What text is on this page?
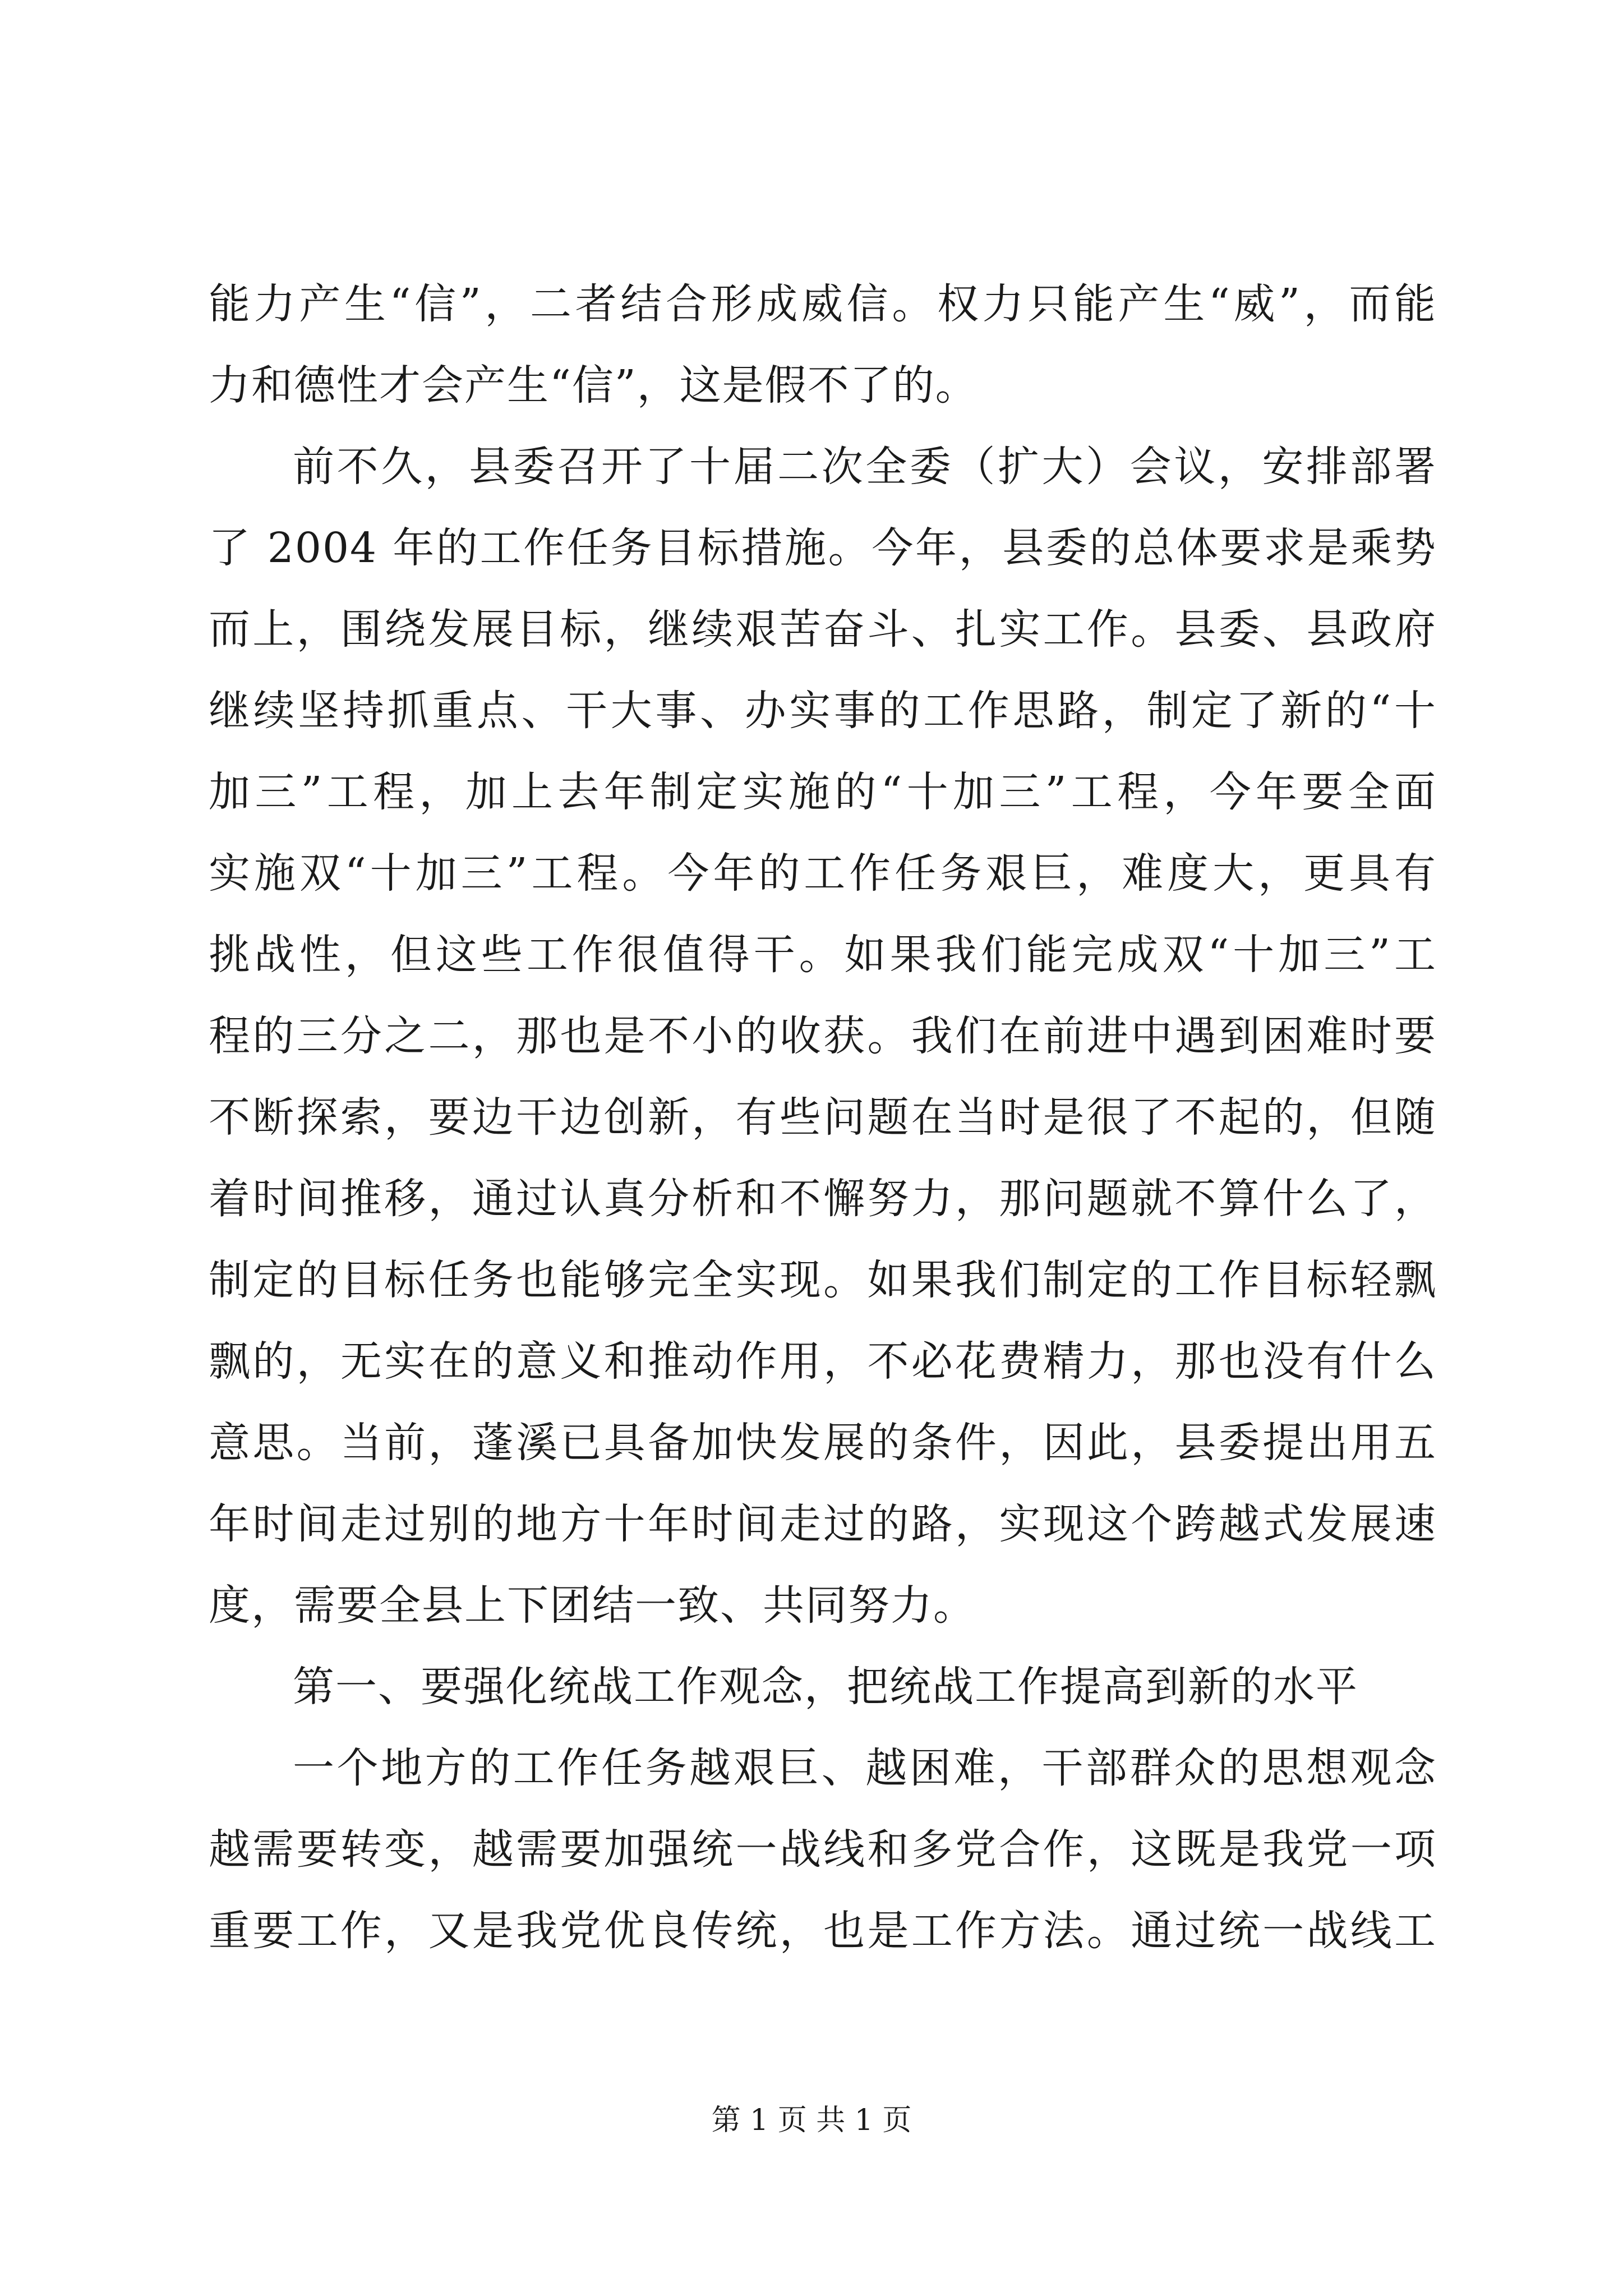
能力产生“信”，二者结合形成威信。权力只能产生“威”，而能
力和德性才会产生“信”，这是假不了的。
前不久，县委召开了十届二次全委（扩大）会议，安排部署
了 2004 年的工作任务目标措施。今年，县委的总体要求是乘势
而上，围绕发展目标，继续艰苦奋斗、扎实工作。县委、县政府
继续坚持抓重点、干大事、办实事的工作思路，制定了新的“十
加三”工程，加上去年制定实施的“十加三”工程，今年要全面
实施双“十加三”工程。今年的工作任务艰巨，难度大，更具有
挑战性，但这些工作很值得干。如果我们能完成双“十加三”工
程的三分之二，那也是不小的收获。我们在前进中遇到困难时要
不断探索，要边干边创新，有些问题在当时是很了不起的，但随
着时间推移，通过认真分析和不懈努力，那问题就不算什么了，
制定的目标任务也能够完全实现。如果我们制定的工作目标轻飘
飘的，无实在的意义和推动作用，不必花费精力，那也没有什么
意思。当前，蓬溪已具备加快发展的条件，因此，县委提出用五
年时间走过别的地方十年时间走过的路，实现这个跨越式发展速
度，需要全县上下团结一致、共同努力。
第一、要强化统战工作观念，把统战工作提高到新的水平
一个地方的工作任务越艰巨、越困难，干部群众的思想观念
越需要转变，越需要加强统一战线和多党合作，这既是我党一项
重要工作，又是我党优良传统，也是工作方法。通过统一战线工
第 1 页 共 1 页
